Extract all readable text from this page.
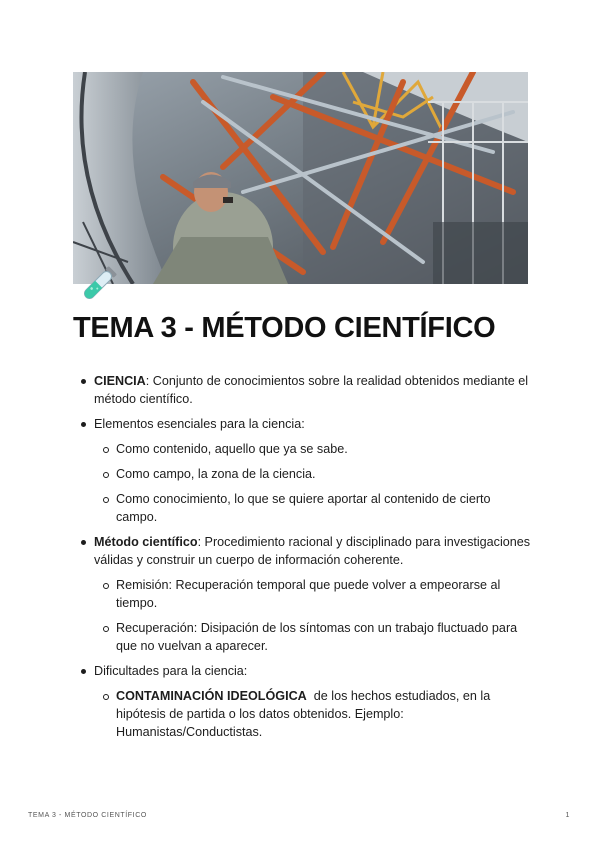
TEMA 3 - MÉTODO CIENTÍFICO
CIENCIA: Conjunto de conocimientos sobre la realidad obtenidos mediante el método científico.
Elementos esenciales para la ciencia:
Como contenido, aquello que ya se sabe.
Como campo, la zona de la ciencia.
Como conocimiento, lo que se quiere aportar al contenido de cierto campo.
Método científico: Procedimiento racional y disciplinado para investigaciones válidas y construir un cuerpo de información coherente.
Remisión: Recuperación temporal que puede volver a empeorarse al tiempo.
Recuperación: Disipación de los síntomas con un trabajo fluctuado para que no vuelvan a aparecer.
Dificultades para la ciencia:
CONTAMINACIÓN IDEOLÓGICA  de los hechos estudiados, en la hipótesis de partida o los datos obtenidos. Ejemplo: Humanistas/Conductistas.
TEMA 3 - MÉTODO CIENTÍFICO	1
